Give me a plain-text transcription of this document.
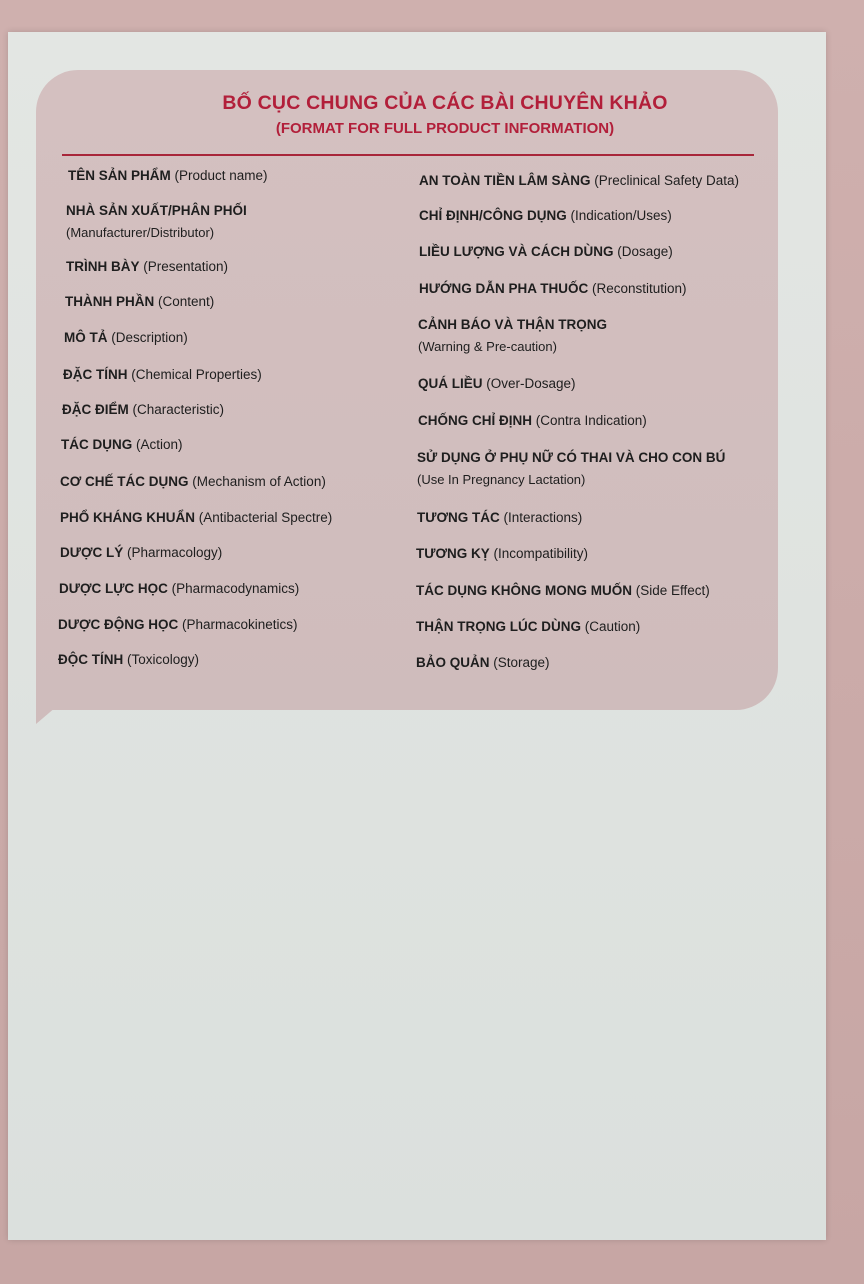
BỐ CỤC CHUNG CỦA CÁC BÀI CHUYÊN KHẢO
(FORMAT FOR FULL PRODUCT INFORMATION)
TÊN SẢN PHẨM (Product name)
NHÀ SẢN XUẤT/PHÂN PHỐI
(Manufacturer/Distributor)
TRÌNH BÀY (Presentation)
THÀNH PHẦN (Content)
MÔ TẢ (Description)
ĐẶC TÍNH (Chemical Properties)
ĐẶC ĐIỂM (Characteristic)
TÁC DỤNG (Action)
CƠ CHẾ TÁC DỤNG (Mechanism of Action)
PHỔ KHÁNG KHUẨN (Antibacterial Spectre)
DƯỢC LÝ (Pharmacology)
DƯỢC LỰC HỌC (Pharmacodynamics)
DƯỢC ĐỘNG HỌC (Pharmacokinetics)
ĐỘC TÍNH (Toxicology)
AN TOÀN TIỀN LÂM SÀNG (Preclinical Safety Data)
CHỈ ĐỊNH/CÔNG DỤNG (Indication/Uses)
LIỀU LƯỢNG VÀ CÁCH DÙNG (Dosage)
HƯỚNG DẪN PHA THUỐC (Reconstitution)
CẢNH BÁO VÀ THẬN TRỌNG
(Warning & Pre-caution)
QUÁ LIỀU (Over-Dosage)
CHỐNG CHỈ ĐỊNH (Contra Indication)
SỬ DỤNG Ở PHỤ NỮ CÓ THAI VÀ CHO CON BÚ
(Use In Pregnancy Lactation)
TƯƠNG TÁC (Interactions)
TƯƠNG KỴ (Incompatibility)
TÁC DỤNG KHÔNG MONG MUỐN (Side Effect)
THẬN TRỌNG LÚC DÙNG (Caution)
BẢO QUẢN (Storage)
